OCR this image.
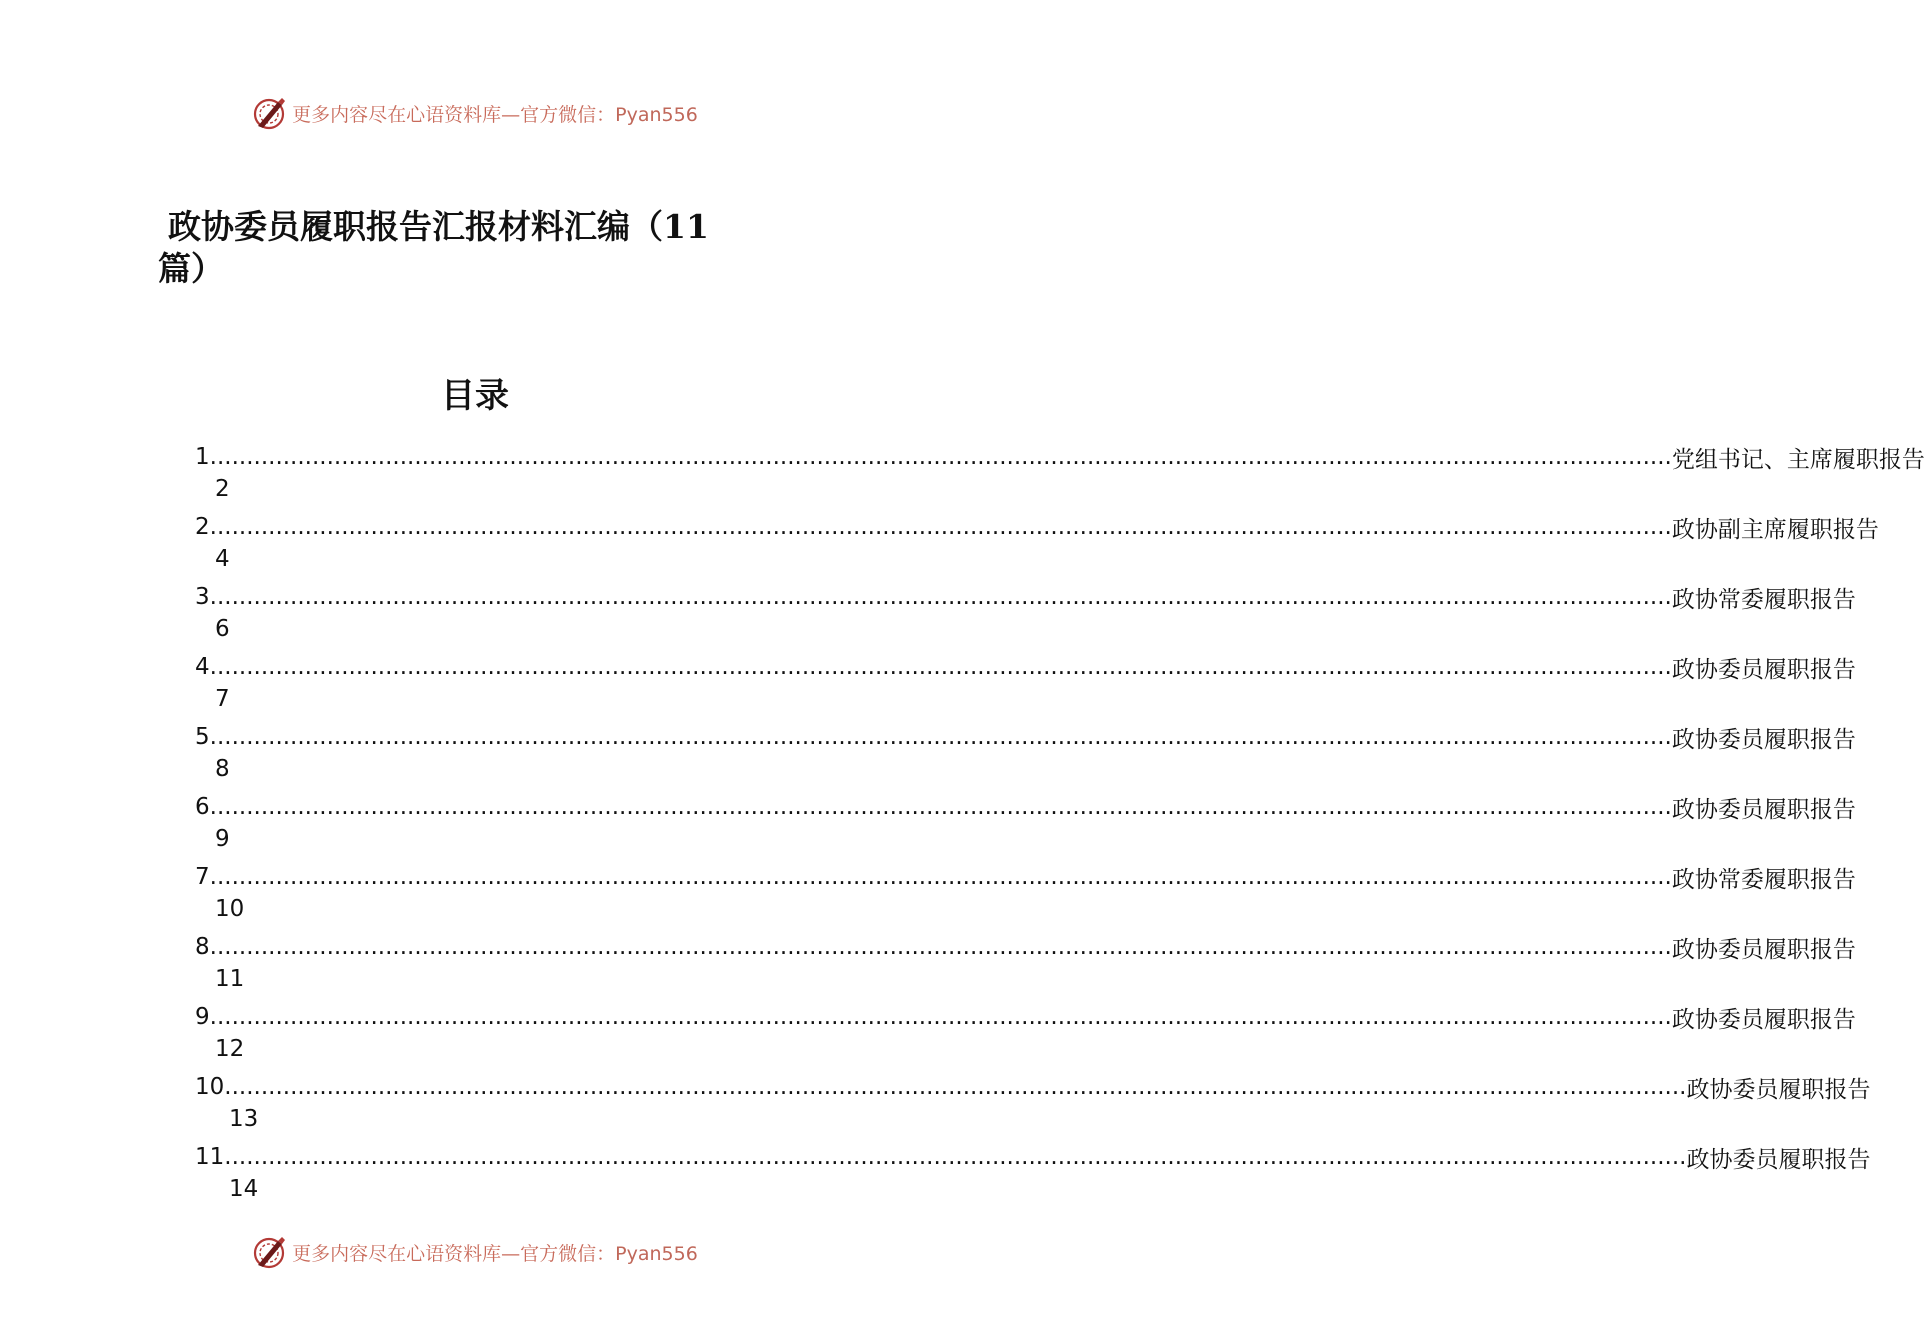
更多内容尽在心语资料库—官方微信：Pyan556
政协委员履职报告汇报材料汇编（11
篇）
目录
1 ........................................................................................................................................................................................................ 党组书记、主席履职报告
2
2 ........................................................................................................................................................................................................ 政协副主席履职报告
4
3 ........................................................................................................................................................................................................ 政协常委履职报告
6
4 ........................................................................................................................................................................................................ 政协委员履职报告
7
5 ........................................................................................................................................................................................................ 政协委员履职报告
8
6 ........................................................................................................................................................................................................ 政协委员履职报告
9
7 ........................................................................................................................................................................................................ 政协常委履职报告
10
8 ........................................................................................................................................................................................................ 政协委员履职报告
11
9 ........................................................................................................................................................................................................ 政协委员履职报告
12
10 ........................................................................................................................................................................................................ 政协委员履职报告
13
11 ........................................................................................................................................................................................................ 政协委员履职报告
14
更多内容尽在心语资料库—官方微信：Pyan556
